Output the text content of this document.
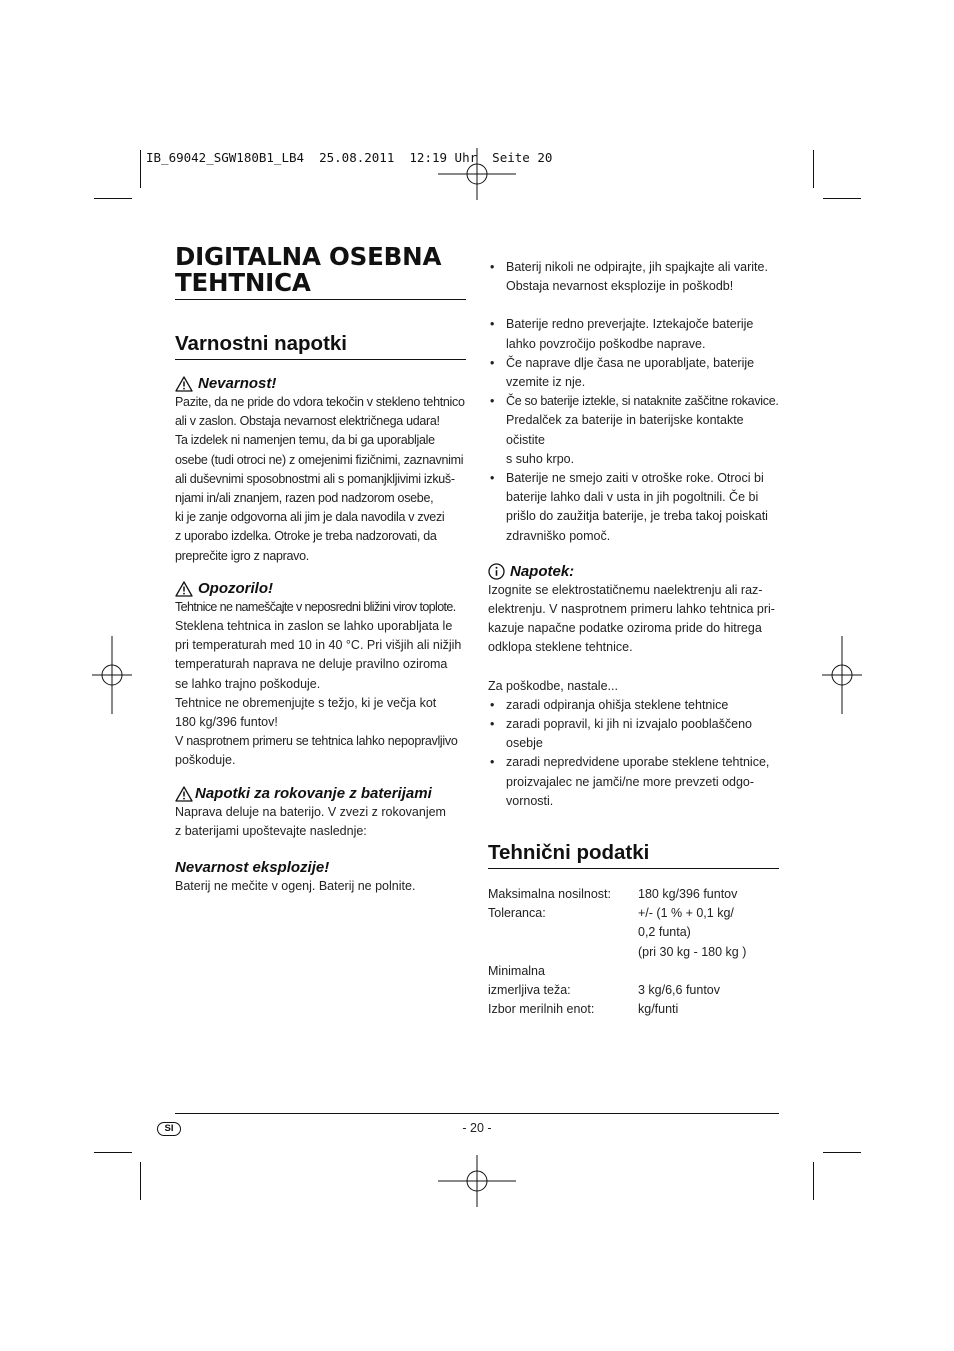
IB_69042_SGW180B1_LB4  25.08.2011  12:19 Uhr  Seite 20
DIGITALNA OSEBNA
TEHTNICA
Varnostni napotki
Nevarnost!
Pazite, da ne pride do vdora tekočin v stekleno tehtnico
ali v zaslon. Obstaja nevarnost električnega udara!
Ta izdelek ni namenjen temu, da bi ga uporabljale
osebe (tudi otroci ne) z omejenimi fizičnimi, zaznavnimi
ali duševnimi sposobnostmi ali s pomanjkljivimi izkuš-
njami in/ali znanjem, razen pod nadzorom osebe,
ki je zanje odgovorna ali jim je dala navodila v zvezi
z uporabo izdelka. Otroke je treba nadzorovati, da
preprečite igro z napravo.
Opozorilo!
Tehtnice ne nameščajte v neposredni bližini virov toplote.
Steklena tehtnica in zaslon se lahko uporabljata le
pri temperaturah med 10 in 40 °C. Pri višjih ali nižjih
temperaturah naprava ne deluje pravilno oziroma
se lahko trajno poškoduje.
Tehtnice ne obremenjujte s težjo, ki je večja kot
180 kg/396 funtov!
V nasprotnem primeru se tehtnica lahko nepopravljivo
poškoduje.
Napotki za rokovanje z baterijami
Naprava deluje na baterijo. V zvezi z rokovanjem
z baterijami upoštevajte naslednje:
Nevarnost eksplozije!
Baterij ne mečite v ogenj. Baterij ne polnite.
• Baterij nikoli ne odpirajte, jih spajkajte ali varite.
Obstaja nevarnost eksplozije in poškodb!
• Baterije redno preverjajte. Iztekajoče baterije
lahko povzročijo poškodbe naprave.
• Če naprave dlje časa ne uporabljate, baterije
vzemite iz nje.
• Če so baterije iztekle, si nataknite zaščitne rokavice.
Predalček za baterije in baterijske kontakte očistite
s suho krpo.
• Baterije ne smejo zaiti v otroške roke. Otroci bi
baterije lahko dali v usta in jih pogoltnili. Če bi
prišlo do zaužitja baterije, je treba takoj poiskati
zdravniško pomoč.
Napotek:
Izognite se elektrostatičnemu naelektrenju ali raz-
elektrenju. V nasprotnem primeru lahko tehtnica pri-
kazuje napačne podatke oziroma pride do hitrega
odklopa steklene tehtnice.
Za poškodbe, nastale...
• zaradi odpiranja ohišja steklene tehtnice
• zaradi popravil, ki jih ni izvajalo pooblaščeno
osebje
• zaradi nepredvidene uporabe steklene tehtnice,
proizvajalec ne jamči/ne more prevzeti odgo-
vornosti.
Tehnični podatki
Maksimalna nosilnost:	180 kg/396 funtov

Toleranca:	+/- (1 % + 0,1 kg/
0,2 funta)
(pri 30 kg - 180 kg )

Minimalna	

izmerljiva teža:	3 kg/6,6 funtov

Izbor merilnih enot:	kg/funti
SI	- 20 -
